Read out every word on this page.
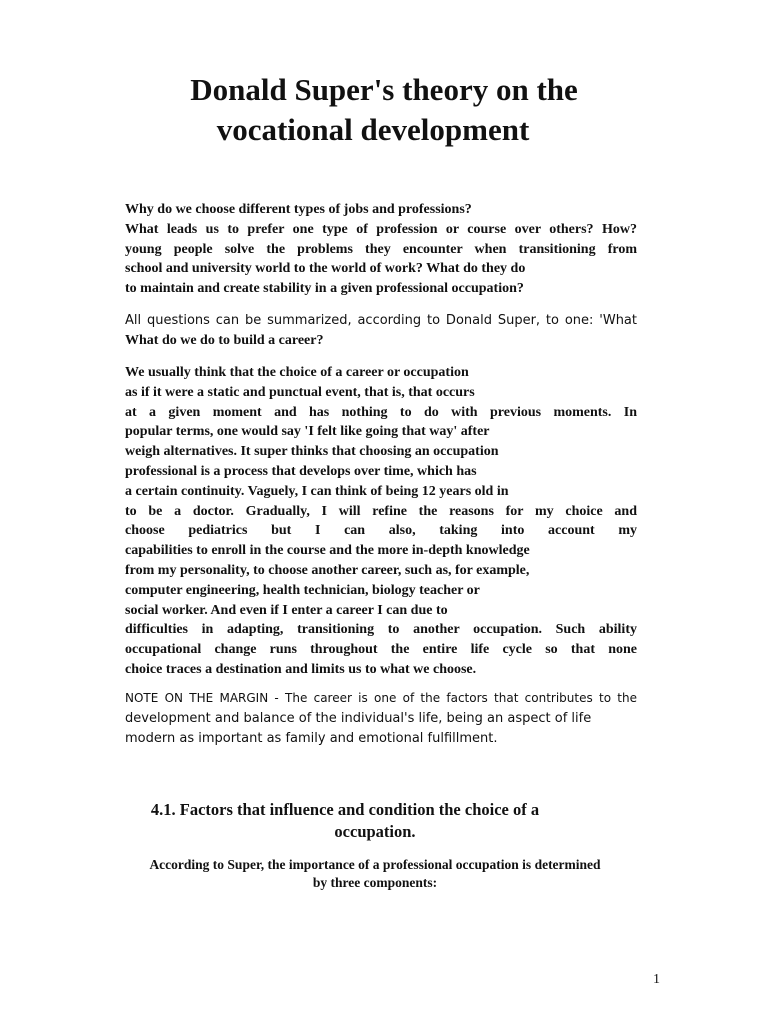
Donald Super's theory on the
vocational development
Why do we choose different types of jobs and professions?
What leads us to prefer one type of profession or course over others? How?
young people solve the problems they encounter when transitioning from
school and university world to the world of work? What do they do
to maintain and create stability in a given professional occupation?
All questions can be summarized, according to Donald Super, to one: 'What
What do we do to build a career?
We usually think that the choice of a career or occupation
as if it were a static and punctual event, that is, that occurs
at a given moment and has nothing to do with previous moments. In
popular terms, one would say 'I felt like going that way' after
weigh alternatives. It super thinks that choosing an occupation
professional is a process that develops over time, which has
a certain continuity. Vaguely, I can think of being 12 years old in
to be a doctor. Gradually, I will refine the reasons for my choice and
choose pediatrics but I can also, taking into account my
capabilities to enroll in the course and the more in-depth knowledge
from my personality, to choose another career, such as, for example,
computer engineering, health technician, biology teacher or
social worker. And even if I enter a career I can due to
difficulties in adapting, transitioning to another occupation. Such ability
occupational change runs throughout the entire life cycle so that none
choice traces a destination and limits us to what we choose.
NOTE ON THE MARGIN - The career is one of the factors that contributes to the
development and balance of the individual's life, being an aspect of life
modern as important as family and emotional fulfillment.
4.1. Factors that influence and condition the choice of a
occupation.

According to Super, the importance of a professional occupation is determined
by three components:

1
